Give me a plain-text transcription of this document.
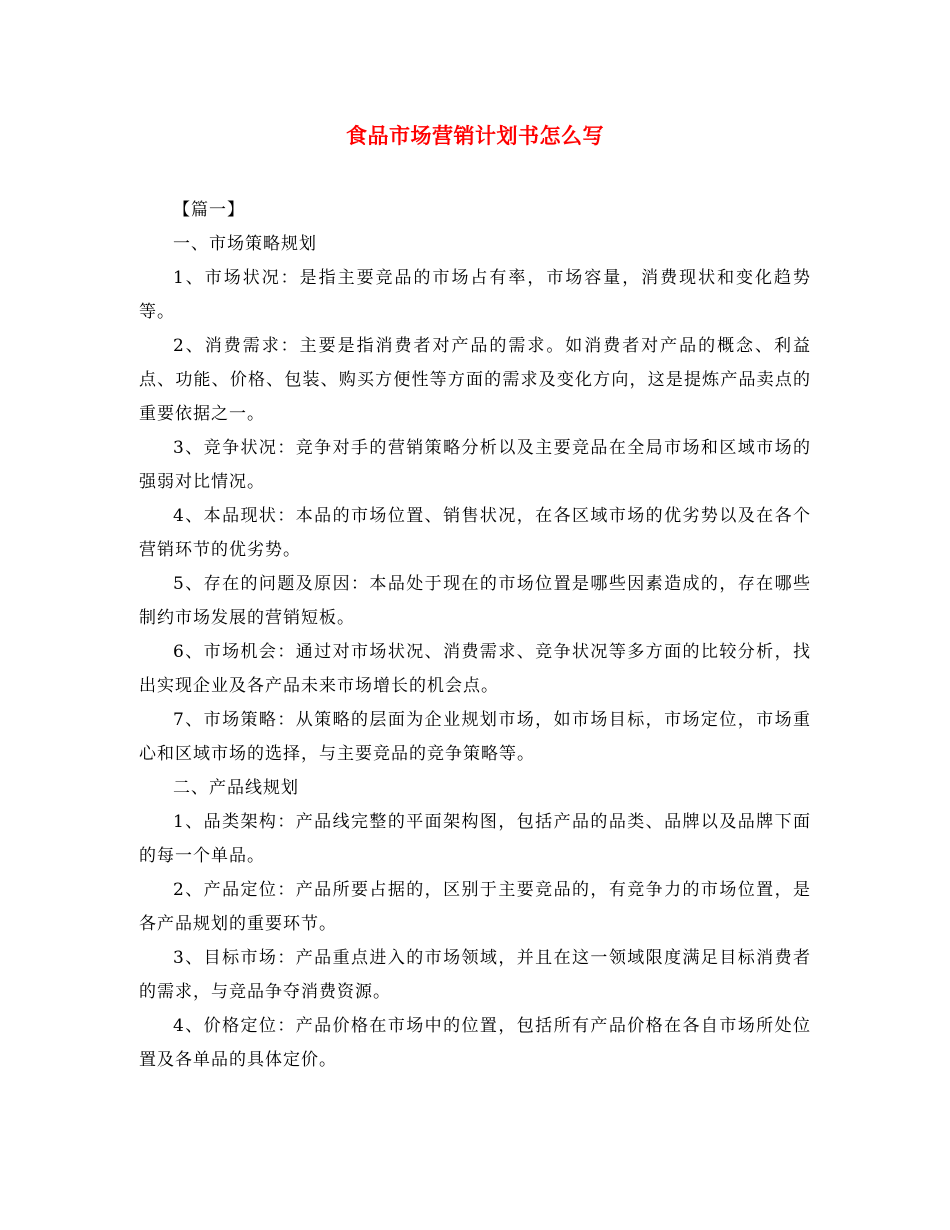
食品市场营销计划书怎么写

【篇一】

一、市场策略规划

1、市场状况：是指主要竞品的市场占有率，市场容量，消费现状和变化趋势等。

2、消费需求：主要是指消费者对产品的需求。如消费者对产品的概念、利益点、功能、价格、包装、购买方便性等方面的需求及变化方向，这是提炼产品卖点的重要依据之一。

3、竞争状况：竞争对手的营销策略分析以及主要竞品在全局市场和区域市场的强弱对比情况。

4、本品现状：本品的市场位置、销售状况，在各区域市场的优劣势以及在各个营销环节的优劣势。

5、存在的问题及原因：本品处于现在的市场位置是哪些因素造成的，存在哪些制约市场发展的营销短板。

6、市场机会：通过对市场状况、消费需求、竞争状况等多方面的比较分析，找出实现企业及各产品未来市场增长的机会点。

7、市场策略：从策略的层面为企业规划市场，如市场目标，市场定位，市场重心和区域市场的选择，与主要竞品的竞争策略等。

二、产品线规划

1、品类架构：产品线完整的平面架构图，包括产品的品类、品牌以及品牌下面的每一个单品。

2、产品定位：产品所要占据的，区别于主要竞品的，有竞争力的市场位置，是各产品规划的重要环节。

3、目标市场：产品重点进入的市场领域，并且在这一领域限度满足目标消费者的需求，与竞品争夺消费资源。

4、价格定位：产品价格在市场中的位置，包括所有产品价格在各自市场所处位置及各单品的具体定价。
